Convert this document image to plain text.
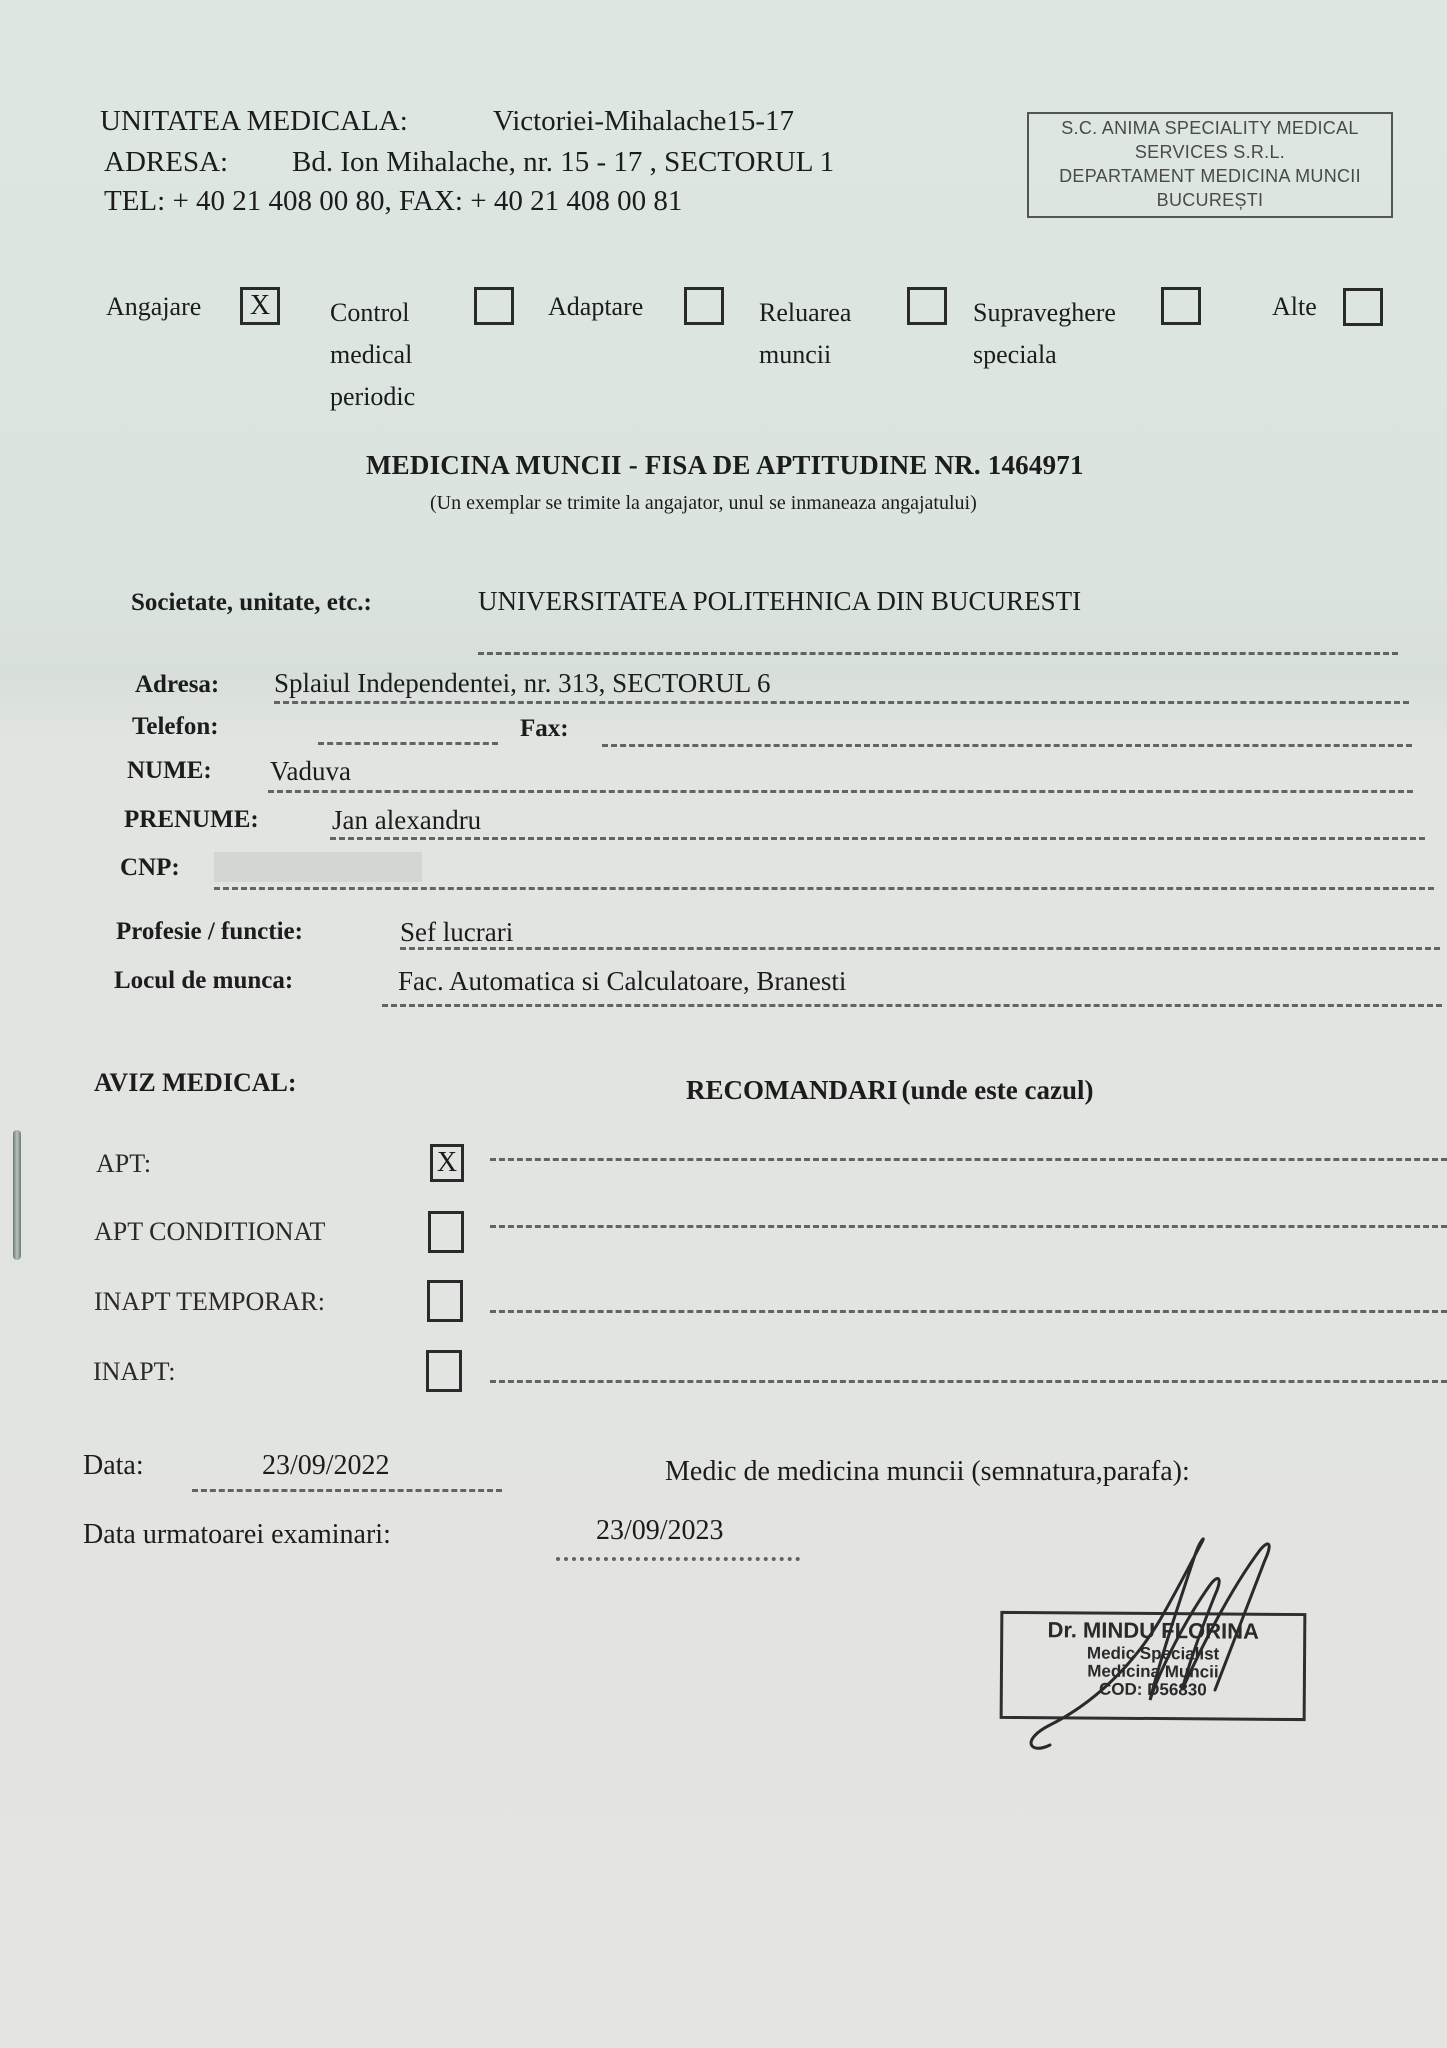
UNITATEA MEDICALA:	Victoriei-Mihalache15-17
ADRESA: Bd. Ion Mihalache, nr. 15 - 17 , SECTORUL 1
TEL: + 40 21 408 00 80, FAX: + 40 21 408 00 81
S.C. ANIMA SPECIALITY MEDICAL
SERVICES S.R.L.
DEPARTAMENT MEDICINA MUNCII
BUCUREȘTI
Angajare	X	Control
medical
periodic
Adaptare	Reluarea
muncii
Supraveghere
speciala
Alte
MEDICINA MUNCII - FISA DE APTITUDINE NR. 1464971
(Un exemplar se trimite la angajator, unul se inmaneaza angajatului)
Societate, unitate, etc.:	UNIVERSITATEA POLITEHNICA DIN BUCURESTI
Adresa: Splaiul Independentei, nr. 313, SECTORUL 6
Telefon:	Fax:
NUME: Vaduva
PRENUME:	Jan alexandru
CNP:
Profesie / functie:	Sef lucrari
Locul de munca:	Fac. Automatica si Calculatoare, Branesti
AVIZ MEDICAL:	RECOMANDARI (unde este cazul)
APT:	X
APT CONDITIONAT
INAPT TEMPORAR:
INAPT:
Data:	23/09/2022	Medic de medicina muncii (semnatura,parafa):
Data urmatoarei examinari:	23/09/2023
Dr. MINDU FLORINA
Medic Specialist
Medicina Muncii
COD: D56830
